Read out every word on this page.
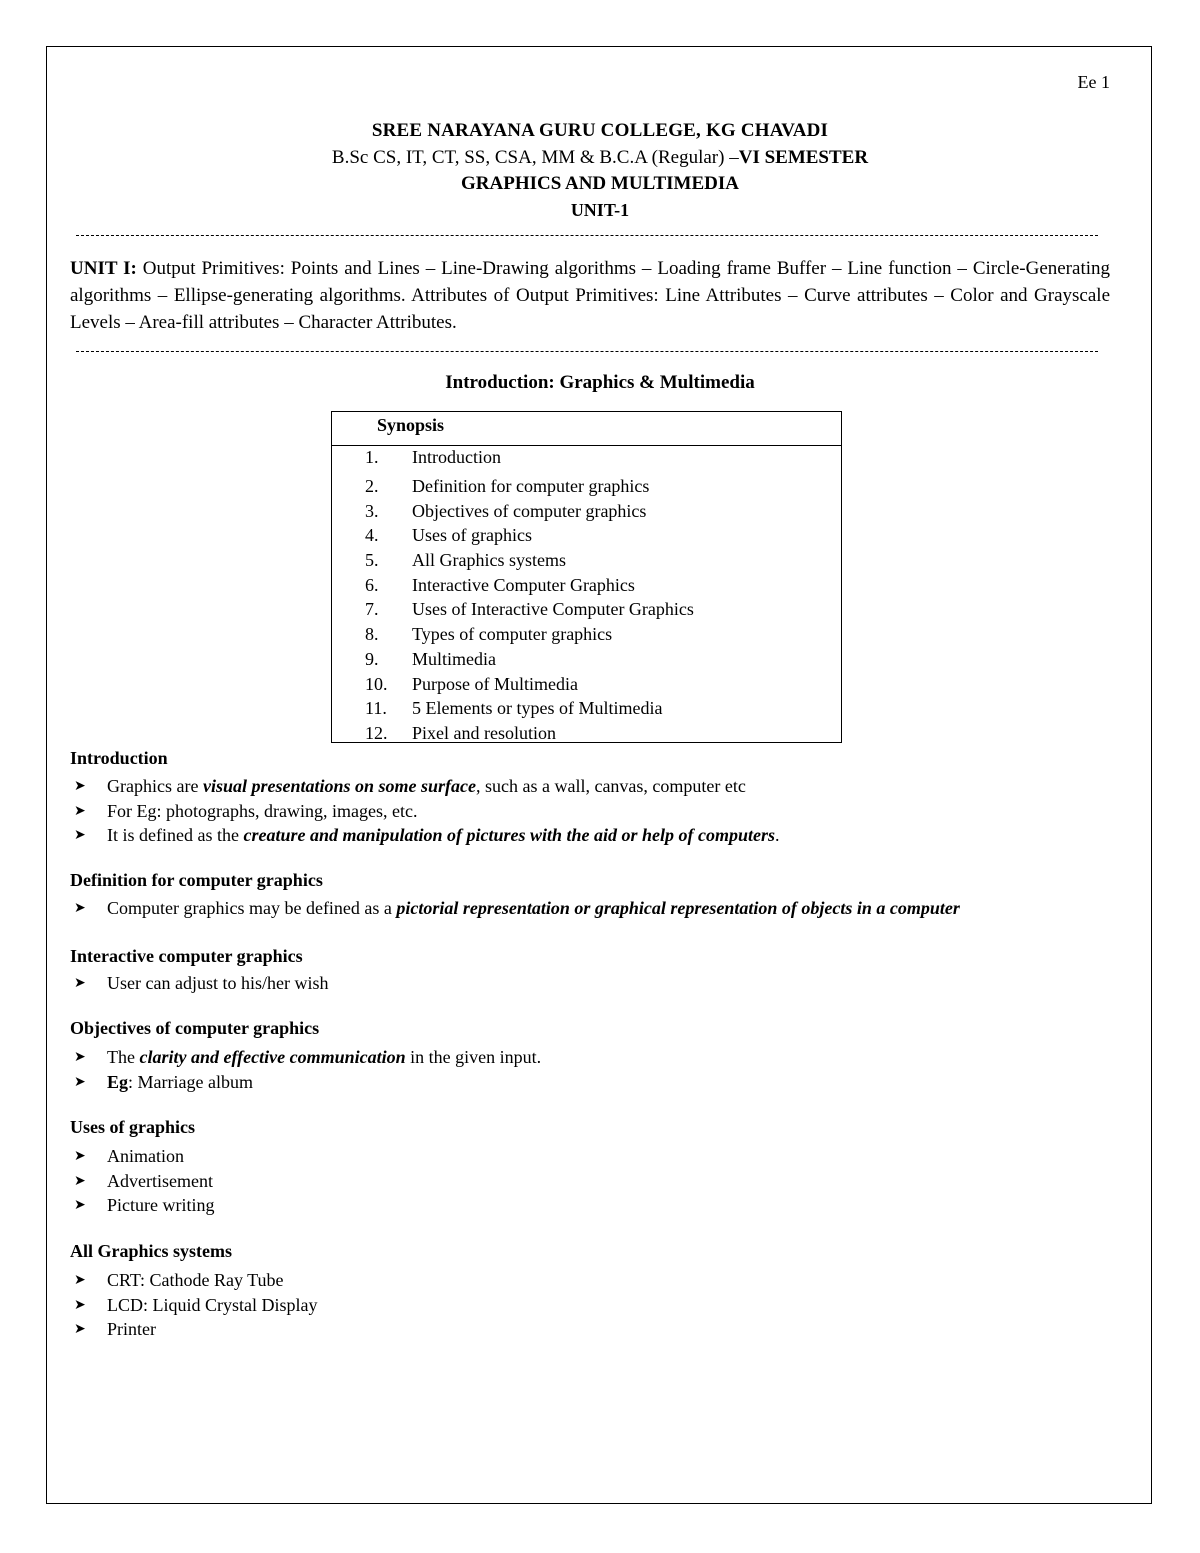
Ee 1
SREE NARAYANA GURU COLLEGE, KG CHAVADI
B.Sc CS, IT, CT, SS, CSA, MM & B.C.A (Regular) –VI SEMESTER
GRAPHICS AND MULTIMEDIA
UNIT-1
UNIT I: Output Primitives: Points and Lines – Line-Drawing algorithms – Loading frame Buffer – Line function – Circle-Generating algorithms – Ellipse-generating algorithms. Attributes of Output Primitives: Line Attributes – Curve attributes – Color and Grayscale Levels – Area-fill attributes – Character Attributes.
Introduction: Graphics & Multimedia
Synopsis
1.	Introduction
2.	Definition for computer graphics
3.	Objectives of computer graphics
4.	Uses of graphics
5.	All Graphics systems
6.	Interactive Computer Graphics
7.	Uses of Interactive Computer Graphics
8.	Types of computer graphics
9.	Multimedia
10.	Purpose of Multimedia
11.	5 Elements or types of Multimedia
12.	Pixel and resolution
Introduction
➤ Graphics are visual presentations on some surface, such as a wall, canvas, computer etc
➤ For Eg: photographs, drawing, images, etc.
➤ It is defined as the creature and manipulation of pictures with the aid or help of computers.
Definition for computer graphics
➤ Computer graphics may be defined as a pictorial representation or graphical representation of objects in a computer
Interactive computer graphics
➤ User can adjust to his/her wish
Objectives of computer graphics
➤ The clarity and effective communication in the given input.
➤ Eg: Marriage album
Uses of graphics
➤ Animation
➤ Advertisement
➤ Picture writing
All Graphics systems
➤ CRT: Cathode Ray Tube
➤ LCD: Liquid Crystal Display
➤ Printer
